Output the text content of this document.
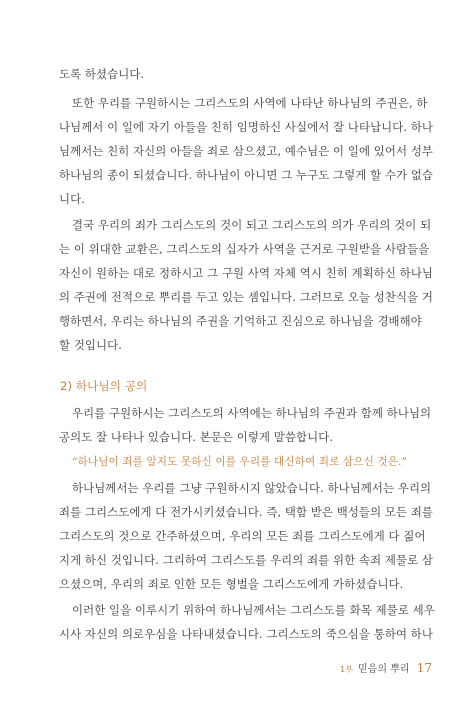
도록 하셨습니다.
또한 우리를 구원하시는 그리스도의 사역에 나타난 하나님의 주권은, 하
나님께서 이 일에 자기 아들을 친히 임명하신 사실에서 잘 나타납니다. 하나
님께서는 친히 자신의 아들을 죄로 삼으셨고, 예수님은 이 일에 있어서 성부
하나님의 종이 되셨습니다. 하나님이 아니면 그 누구도 그렇게 할 수가 없습
니다.
결국 우리의 죄가 그리스도의 것이 되고 그리스도의 의가 우리의 것이 되
는 이 위대한 교환은, 그리스도의 십자가 사역을 근거로 구원받을 사람들을
자신이 원하는 대로 정하시고 그 구원 사역 자체 역시 친히 계획하신 하나님
의 주권에 전적으로 뿌리를 두고 있는 셈입니다. 그러므로 오늘 성찬식을 거
행하면서, 우리는 하나님의 주권을 기억하고 진심으로 하나님을 경배해야
할 것입니다.
2) 하나님의 공의
우리를 구원하시는 그리스도의 사역에는 하나님의 주권과 함께 하나님의
공의도 잘 나타나 있습니다. 본문은 이렇게 말씀합니다.
“하나님이 죄를 알지도 못하신 이를 우리를 대신하여 죄로 삼으신 것은.”
하나님께서는 우리를 그냥 구원하시지 않았습니다. 하나님께서는 우리의
죄를 그리스도에게 다 전가시키셨습니다. 즉, 택함 받은 백성들의 모든 죄를
그리스도의 것으로 간주하셨으며, 우리의 모든 죄를 그리스도에게 다 짊어
지게 하신 것입니다. 그리하여 그리스도를 우리의 죄를 위한 속죄 제물로 삼
으셨으며, 우리의 죄로 인한 모든 형벌을 그리스도에게 가하셨습니다.
이러한 일을 이루시기 위하여 하나님께서는 그리스도를 화목 제물로 세우
시사 자신의 의로우심을 나타내셨습니다. 그리스도의 죽으심을 통하여 하나
1부 믿음의 뿌리 17
